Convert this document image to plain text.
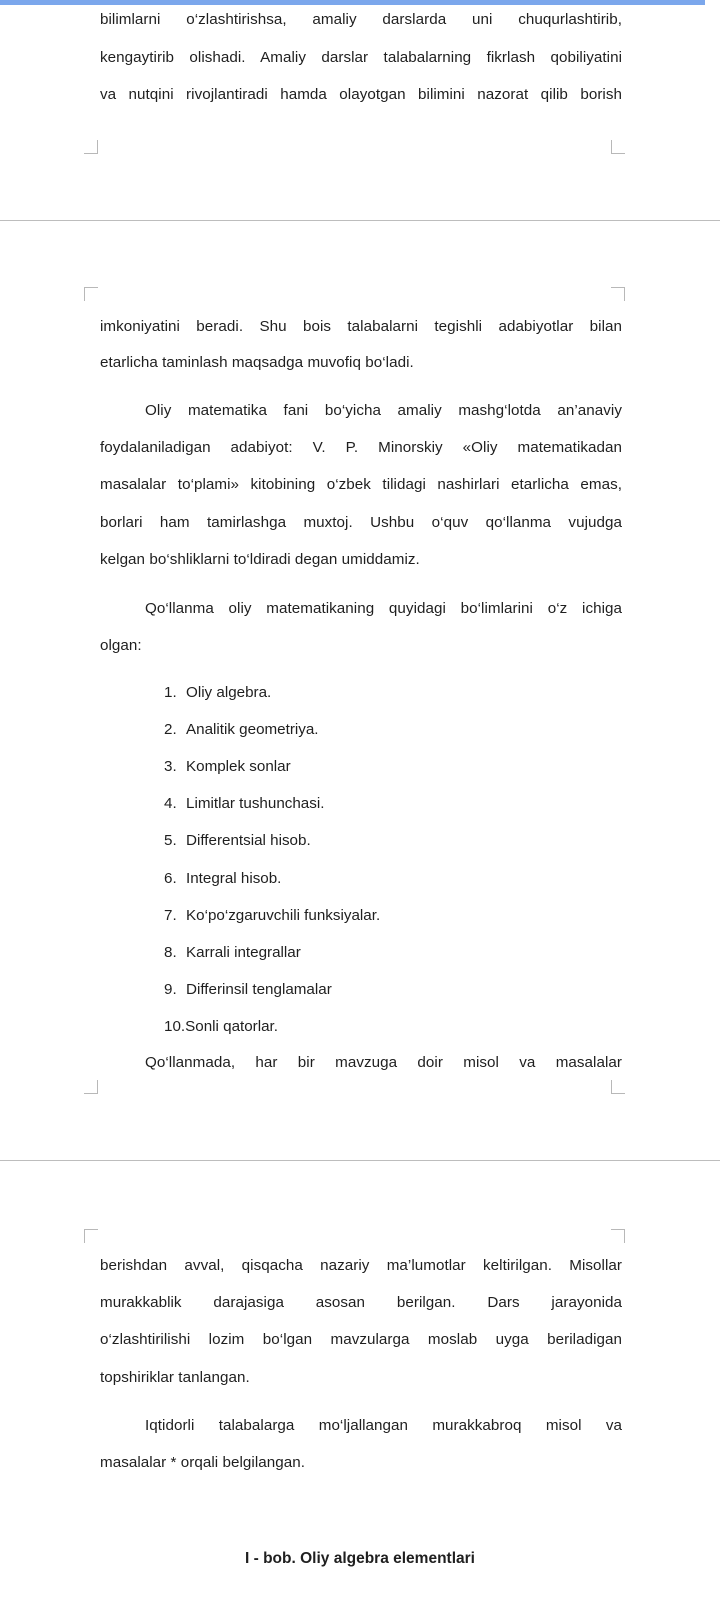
bilimlarni o‘zlashtirishsa, amaliy darslarda uni chuqurlashtirib,
kengaytirib olishadi. Amaliy darslar talabalarning fikrlash qobiliyatini
va nutqini rivojlantiradi hamda olayotgan bilimini nazorat qilib borish
imkoniyatini beradi. Shu bois talabalarni tegishli adabiyotlar bilan
etarlicha taminlash maqsadga muvofiq bo‘ladi.
Oliy matematika fani bo‘yicha amaliy mashg‘lotda an’anaviy
foydalaniladigan adabiyot: V. P. Minorskiy «Oliy matematikadan
masalalar to‘plami» kitobining o‘zbek tilidagi nashirlari etarlicha emas,
borlari ham tamirlashga muxtoj. Ushbu o‘quv qo‘llanma vujudga
kelgan bo‘shliklarni to‘ldiradi degan umiddamiz.
Qo‘llanma oliy matematikaning quyidagi bo‘limlarini o‘z ichiga
olgan:
1. Oliy algebra.
2. Analitik geometriya.
3. Komplek sonlar
4. Limitlar tushunchasi.
5. Differentsial hisob.
6. Integral hisob.
7. Ko‘po‘zgaruvchili funksiyalar.
8. Karrali integrallar
9. Differinsil tenglamalar
10.Sonli qatorlar.
Qo‘llanmada, har bir mavzuga doir misol va masalalar
berishdan avval, qisqacha nazariy ma’lumotlar keltirilgan. Misollar
murakkablik darajasiga asosan berilgan. Dars jarayonida
o‘zlashtirilishi lozim bo‘lgan mavzularga moslab uyga beriladigan
topshiriklar tanlangan.
Iqtidorli talabalarga mo‘ljallangan murakkabroq misol va
masalalar * orqali belgilangan.
I - bob. Oliy algebra elementlari
